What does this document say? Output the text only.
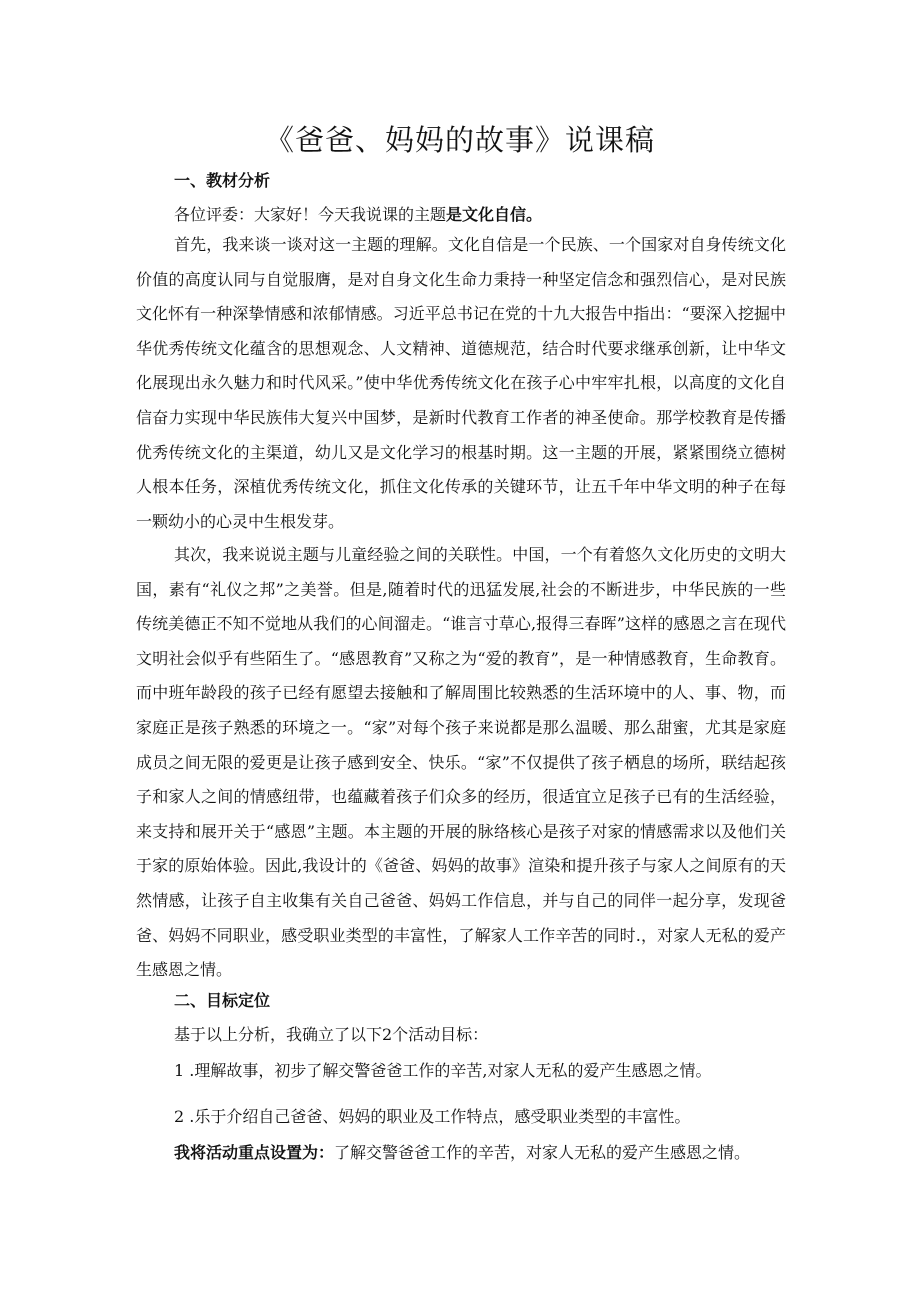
《爸爸、妈妈的故事》说课稿
一、教材分析
各位评委：大家好！今天我说课的主题是文化自信。

首先，我来谈一谈对这一主题的理解。文化自信是一个民族、一个国家对自身传统文化价值的高度认同与自觉服膺，是对自身文化生命力秉持一种坚定信念和强烈信心，是对民族文化怀有一种深挚情感和浓郁情感。习近平总书记在党的十九大报告中指出：“要深入挖掘中华优秀传统文化蕴含的思想观念、人文精神、道德规范，结合时代要求继承创新，让中华文化展现出永久魅力和时代风采。”使中华优秀传统文化在孩子心中牢牢扎根，以高度的文化自信奋力实现中华民族伟大复兴中国梦，是新时代教育工作者的神圣使命。那学校教育是传播优秀传统文化的主渠道，幼儿又是文化学习的根基时期。这一主题的开展，紧紧围绕立德树人根本任务，深植优秀传统文化，抓住文化传承的关键环节，让五千年中华文明的种子在每一颗幼小的心灵中生根发芽。

其次，我来说说主题与儿童经验之间的关联性。中国，一个有着悠久文化历史的文明大国，素有“礼仪之邦”之美誉。但是,随着时代的迅猛发展,社会的不断进步，中华民族的一些传统美德正不知不觉地从我们的心间溜走。“谁言寸草心,报得三春晖”这样的感恩之言在现代文明社会似乎有些陌生了。“感恩教育”又称之为“爱的教育”，是一种情感教育，生命教育。而中班年龄段的孩子已经有愿望去接触和了解周围比较熟悉的生活环境中的人、事、物，而家庭正是孩子熟悉的环境之一。“家”对每个孩子来说都是那么温暖、那么甜蜜，尤其是家庭成员之间无限的爱更是让孩子感到安全、快乐。“家”不仅提供了孩子栖息的场所，联结起孩子和家人之间的情感纽带，也蕴藏着孩子们众多的经历，很适宜立足孩子已有的生活经验，来支持和展开关于“感恩”主题。本主题的开展的脉络核心是孩子对家的情感需求以及他们关于家的原始体验。因此,我设计的《爸爸、妈妈的故事》渲染和提升孩子与家人之间原有的天然情感，让孩子自主收集有关自己爸爸、妈妈工作信息，并与自己的同伴一起分享，发现爸爸、妈妈不同职业，感受职业类型的丰富性，了解家人工作辛苦的同时.，对家人无私的爱产生感恩之情。

二、目标定位
基于以上分析，我确立了以下2个活动目标：
1 .理解故事，初步了解交警爸爸工作的辛苦,对家人无私的爱产生感恩之情。
2 .乐于介绍自己爸爸、妈妈的职业及工作特点，感受职业类型的丰富性。
我将活动重点设置为：了解交警爸爸工作的辛苦，对家人无私的爱产生感恩之情。
